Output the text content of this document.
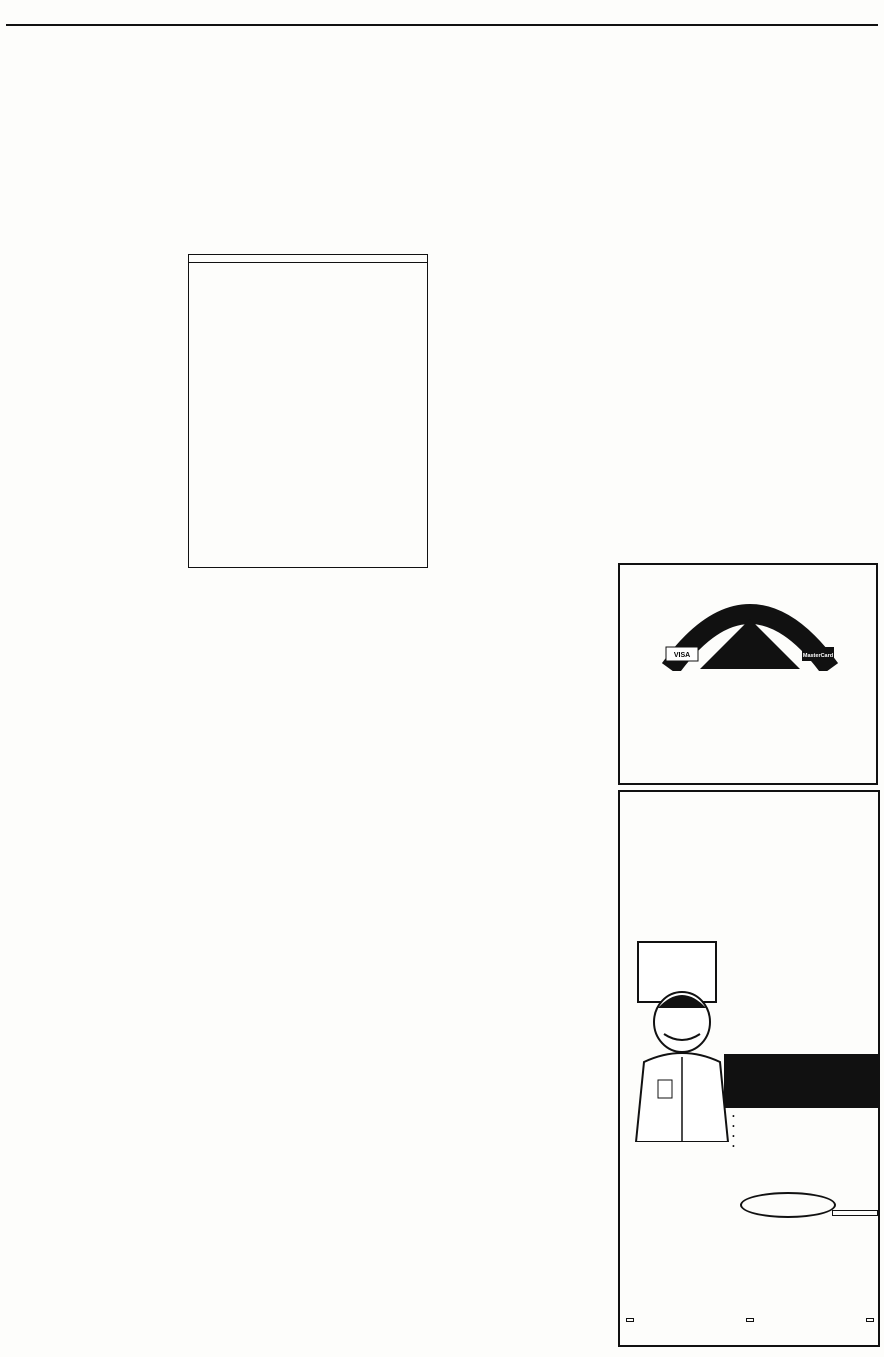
VISA	MasterCard
•
•
•
•
